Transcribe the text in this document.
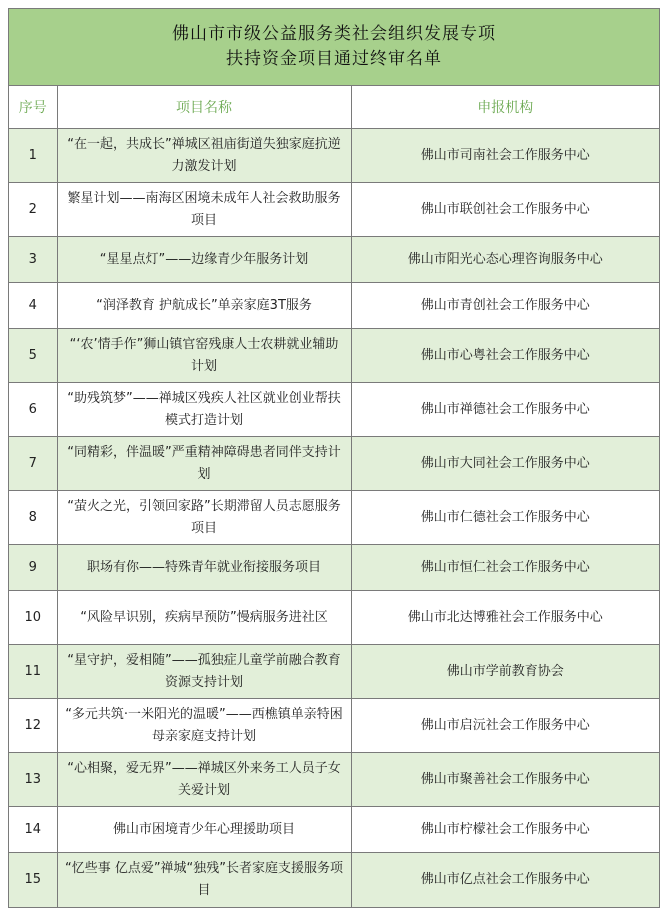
佛山市市级公益服务类社会组织发展专项
扶持资金项目通过终审名单
序号	项目名称	申报机构
1	“在一起，共成长”禅城区祖庙街道失独家庭抗逆力激发计划	佛山市司南社会工作服务中心
2	繁星计划——南海区困境未成年人社会救助服务项目	佛山市联创社会工作服务中心
3	“星星点灯”——边缘青少年服务计划	佛山市阳光心态心理咨询服务中心
4	“润泽教育 护航成长”单亲家庭3T服务	佛山市青创社会工作服务中心
5	“‘农’情手作”狮山镇官窑残康人士农耕就业辅助计划	佛山市心粤社会工作服务中心
6	“助残筑梦”——禅城区残疾人社区就业创业帮扶模式打造计划	佛山市禅德社会工作服务中心
7	“同精彩，伴温暖”严重精神障碍患者同伴支持计划	佛山市大同社会工作服务中心
8	“萤火之光，引领回家路”长期滞留人员志愿服务项目	佛山市仁德社会工作服务中心
9	职场有你——特殊青年就业衔接服务项目	佛山市恒仁社会工作服务中心
10	“风险早识别，疾病早预防”慢病服务进社区	佛山市北达博雅社会工作服务中心
11	“星守护，爱相随”——孤独症儿童学前融合教育资源支持计划	佛山市学前教育协会
12	“多元共筑·一米阳光的温暖”——西樵镇单亲特困母亲家庭支持计划	佛山市启沅社会工作服务中心
13	“心相聚，爱无界”——禅城区外来务工人员子女关爱计划	佛山市聚善社会工作服务中心
14	佛山市困境青少年心理援助项目	佛山市柠檬社会工作服务中心
15	“忆些事 亿点爱”禅城“独残”长者家庭支援服务项目	佛山市亿点社会工作服务中心
